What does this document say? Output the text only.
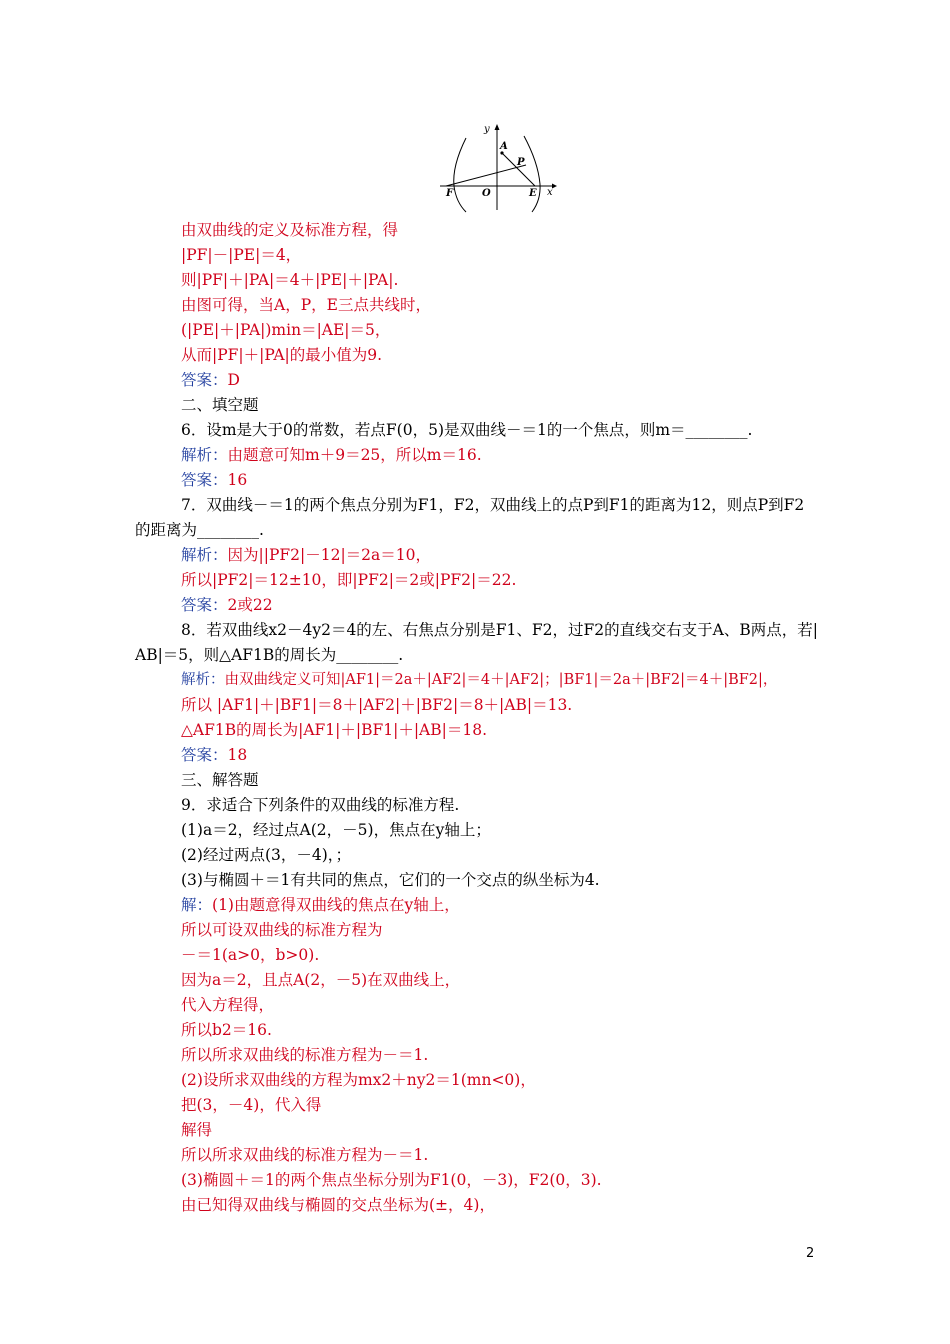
y
A
P
F	O	E x
由双曲线的定义及标准方程，得
|PF|－|PE|＝4，
则|PF|＋|PA|＝4＋|PE|＋|PA|.
由图可得，当A，P，E三点共线时，
(|PE|＋|PA|)min＝|AE|＝5，
从而|PF|＋|PA|的最小值为9.
答案：D
二、填空题
6．设m是大于0的常数，若点F(0，5)是双曲线－＝1的一个焦点，则m＝________.
解析：由题意可知m＋9＝25，所以m＝16.
答案：16
7．双曲线－＝1的两个焦点分别为F1，F2，双曲线上的点P到F1的距离为12，则点P到F2
的距离为________.
解析：因为||PF2|－12|＝2a＝10，
所以|PF2|＝12±10，即|PF2|＝2或|PF2|＝22.
答案：2或22
8．若双曲线x2－4y2＝4的左、右焦点分别是F1、F2，过F2的直线交右支于A、B两点，若|
AB|＝5，则△AF1B的周长为________.
解析：由双曲线定义可知|AF1|＝2a＋|AF2|＝4＋|AF2|；|BF1|＝2a＋|BF2|＝4＋|BF2|，
所以 |AF1|＋|BF1|＝8＋|AF2|＋|BF2|＝8＋|AB|＝13.
△AF1B的周长为|AF1|＋|BF1|＋|AB|＝18.
答案：18
三、解答题
9．求适合下列条件的双曲线的标准方程.
(1)a＝2，经过点A(2，－5)，焦点在y轴上；
(2)经过两点(3，－4)，；
(3)与椭圆＋＝1有共同的焦点，它们的一个交点的纵坐标为4.
解：(1)由题意得双曲线的焦点在y轴上，
所以可设双曲线的标准方程为
－＝1(a>0，b>0).
因为a＝2，且点A(2，－5)在双曲线上，
代入方程得，
所以b2＝16.
所以所求双曲线的标准方程为－＝1.
(2)设所求双曲线的方程为mx2＋ny2＝1(mn<0)，
把(3，－4)，代入得
解得
所以所求双曲线的标准方程为－＝1.
(3)椭圆＋＝1的两个焦点坐标分别为F1(0，－3)，F2(0，3).
由已知得双曲线与椭圆的交点坐标为(±，4)，
2
